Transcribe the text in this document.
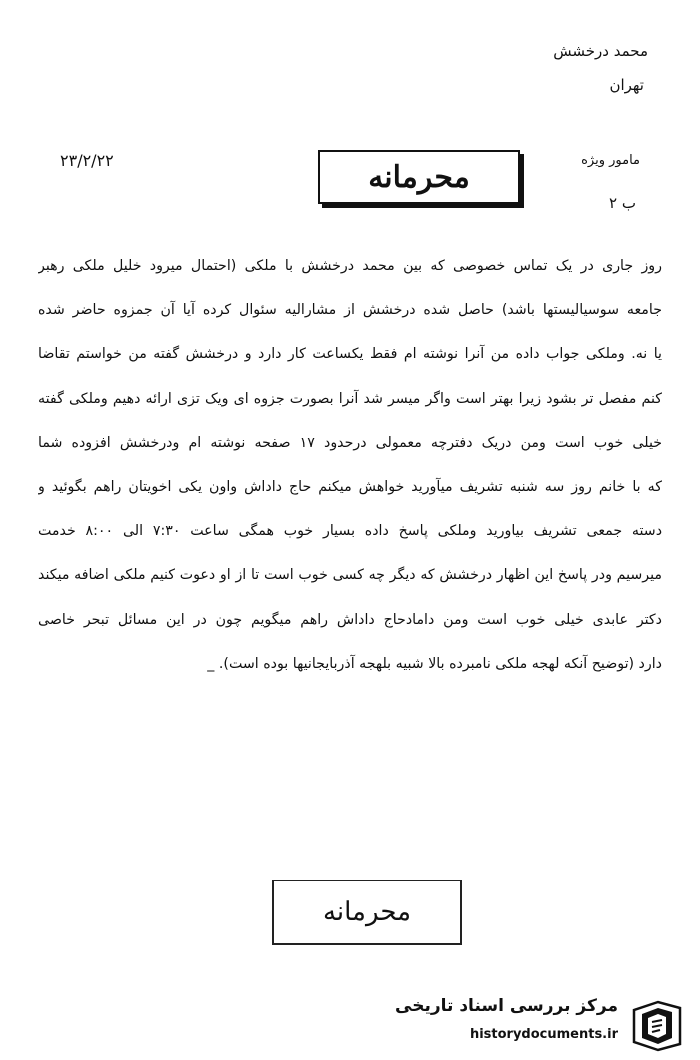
محمد درخشش
تهران
۲۳/۲/۲۲	مامور ویژه
ب ۲
محرمانه
روز جاری در یک تماس خصوصی که بین محمد درخشش با ملکی (احتمال میرود خلیل ملکی رهبر
جامعه سوسیالیستها باشد) حاصل شده درخشش از مشارالیه سئوال کرده آیا آن جمزوه حاضر شده
یا نه. وملکی جواب داده من آنرا نوشته ام فقط یکساعت کار دارد و درخشش گفته من خواستم تقاضا
کنم مفصل تر بشود زیرا بهتر است واگر میسر شد آنرا بصورت جزوه ای ویک تزی ارائه دهیم وملکی گفته
خیلی خوب است ومن دریک دفترچه معمولی درحدود ۱۷ صفحه نوشته ام ودرخشش افزوده شما
که با خانم روز سه شنبه تشریف میآورید خواهش میکنم حاج داداش واون یکی اخویتان راهم بگوئید و
دسته جمعی تشریف بیاورید وملکی پاسخ داده بسیار خوب همگی ساعت ۷:۳۰ الی ۸:۰۰ خدمت
میرسیم ودر پاسخ این اظهار درخشش که دیگر چه کسی خوب است تا از او دعوت کنیم ملکی اضافه میکند
دکتر عابدی خیلی خوب است ومن دامادحاج داداش راهم میگویم چون در این مسائل تبحر خاصی
دارد (توضیح آنکه لهجه ملکی نامبرده بالا شبیه بلهجه آذربایجانیها بوده است). _
محرمانه
مرکز بررسی اسناد تاریخی
historydocuments.ir
